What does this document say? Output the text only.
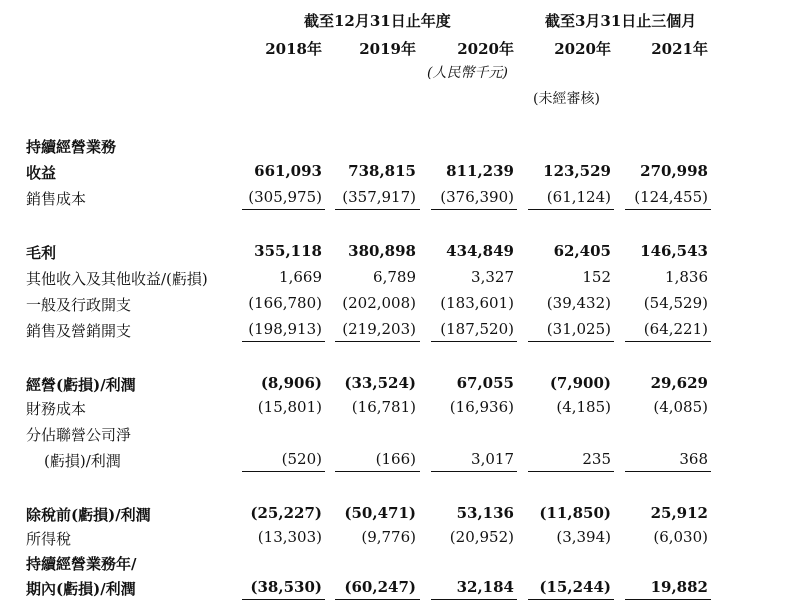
截至12月31日止年度	截至3月31日止三個月
2018年 2019年	2020年	2020年	2021年
(人民幣千元)
(未經審核)
持續經營業務
收益	661,093 738,815 811,239 123,529 270,998
銷售成本	(305,975) (357,917) (376,390) (61,124) (124,455)
毛利	355,118 380,898 434,849	62,405 146,543
其他收入及其他收益/(虧損)	1,669	6,789	3,327	152	1,836
一般及行政開支	(166,780) (202,008) (183,601) (39,432) (54,529)
銷售及營銷開支	(198,913) (219,203) (187,520) (31,025) (64,221)
經營(虧損)/利潤	(8,906) (33,524)	67,055 (7,900)	29,629
財務成本	(15,801) (16,781) (16,936)	(4,185)	(4,085)
分佔聯營公司淨
(虧損)/利潤	(520)	(166)	3,017	235	368
除稅前(虧損)/利潤	(25,227) (50,471)	53,136 (11,850)	25,912
所得稅	(13,303)	(9,776) (20,952)	(3,394)	(6,030)
持續經營業務年/
期內(虧損)/利潤	(38,530) (60,247)	32,184 (15,244)	19,882
